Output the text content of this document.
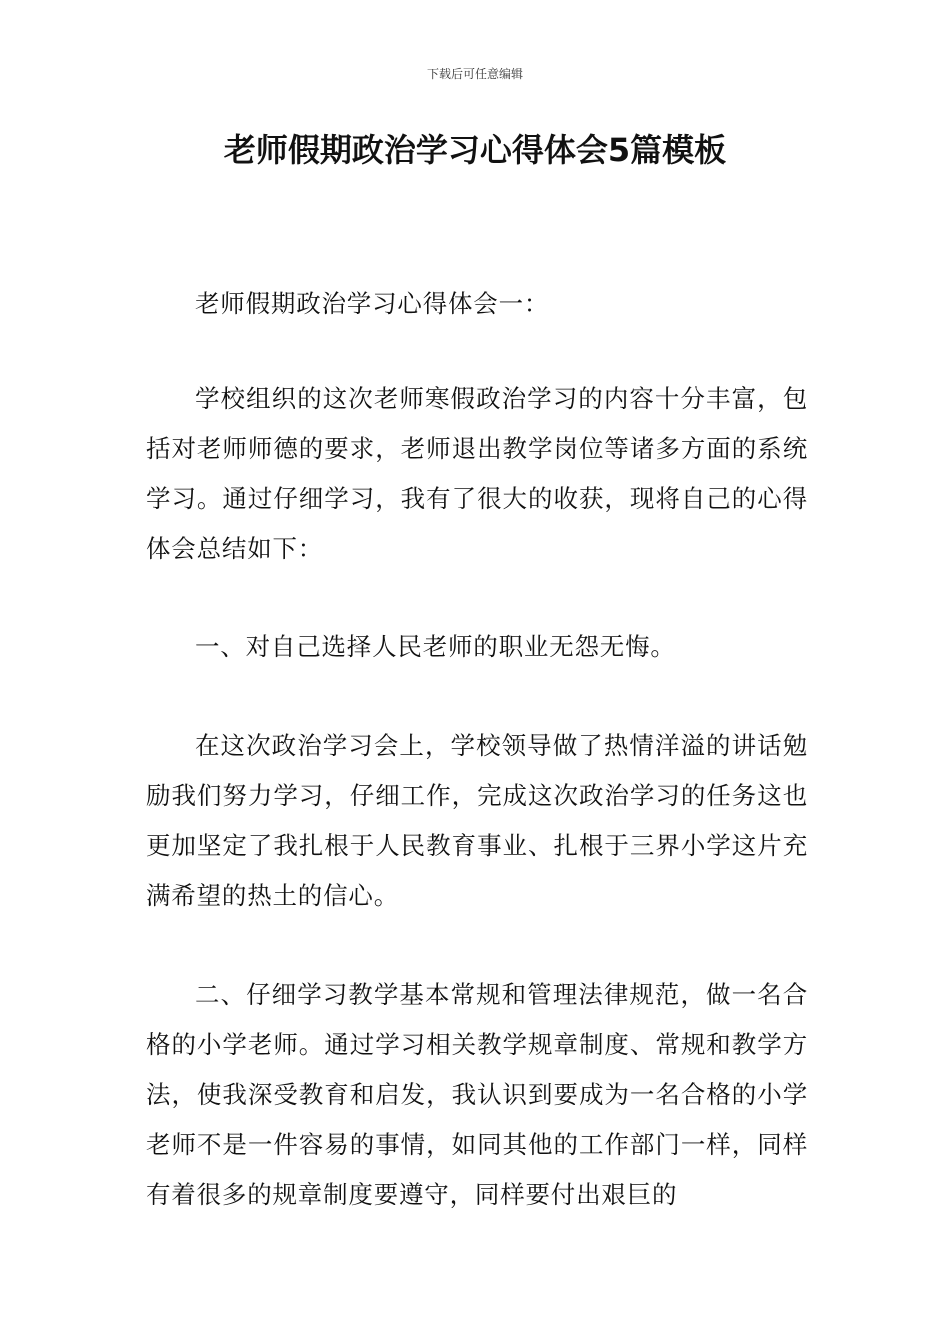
下载后可任意编辑
老师假期政治学习心得体会5篇模板

老师假期政治学习心得体会一：

学校组织的这次老师寒假政治学习的内容十分丰富，包括对老师师德的要求，老师退出教学岗位等诸多方面的系统学习。通过仔细学习，我有了很大的收获，现将自己的心得体会总结如下：

一、对自己选择人民老师的职业无怨无悔。

在这次政治学习会上，学校领导做了热情洋溢的讲话勉励我们努力学习，仔细工作，完成这次政治学习的任务这也更加坚定了我扎根于人民教育事业、扎根于三界小学这片充满希望的热土的信心。

二、仔细学习教学基本常规和管理法律规范，做一名合格的小学老师。通过学习相关教学规章制度、常规和教学方法，使我深受教育和启发，我认识到要成为一名合格的小学老师不是一件容易的事情，如同其他的工作部门一样，同样有着很多的规章制度要遵守，同样要付出艰巨的
